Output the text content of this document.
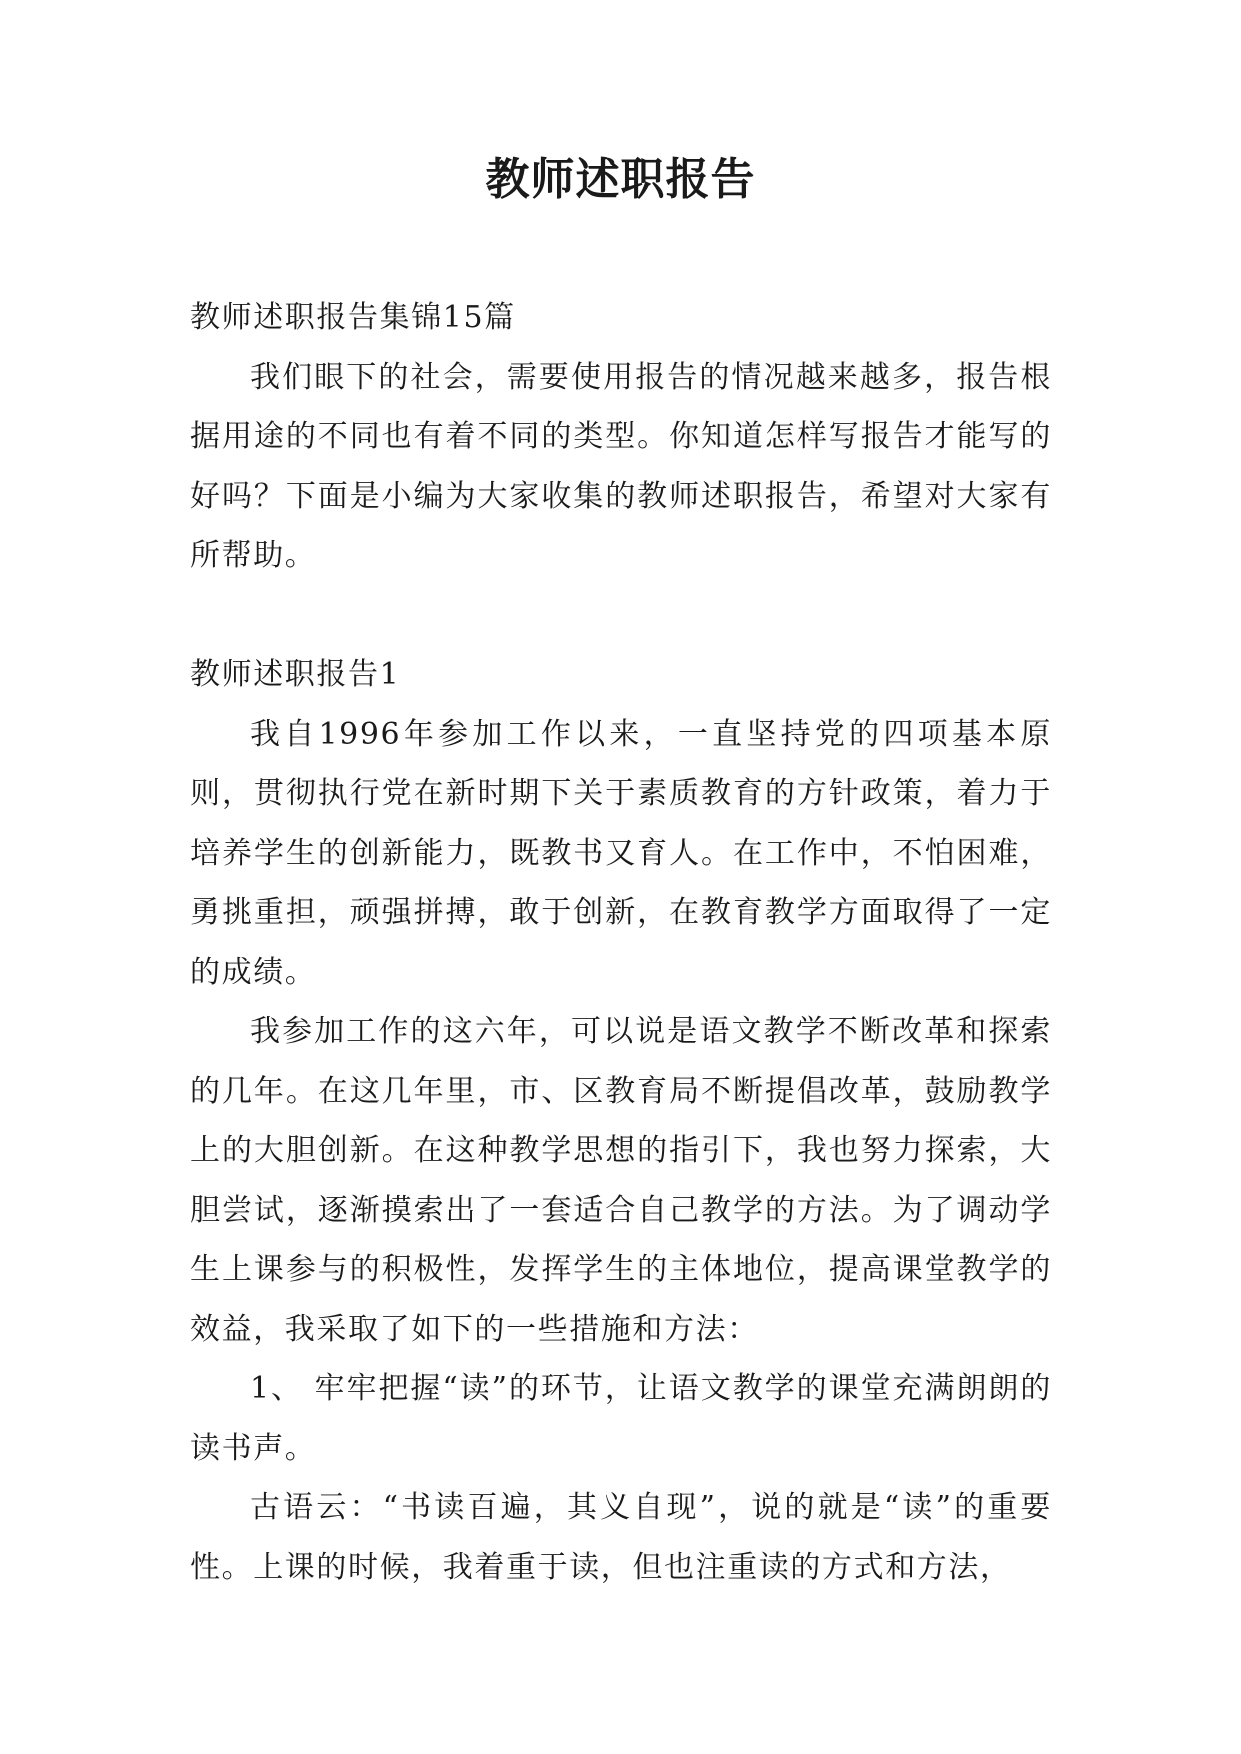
教师述职报告

教师述职报告集锦15篇

我们眼下的社会，需要使用报告的情况越来越多，报告根据用途的不同也有着不同的类型。你知道怎样写报告才能写的好吗？下面是小编为大家收集的教师述职报告，希望对大家有所帮助。

教师述职报告1

我自1996年参加工作以来，一直坚持党的四项基本原则，贯彻执行党在新时期下关于素质教育的方针政策，着力于培养学生的创新能力，既教书又育人。在工作中，不怕困难，勇挑重担，顽强拼搏，敢于创新，在教育教学方面取得了一定的成绩。

我参加工作的这六年，可以说是语文教学不断改革和探索的几年。在这几年里，市、区教育局不断提倡改革，鼓励教学上的大胆创新。在这种教学思想的指引下，我也努力探索，大胆尝试，逐渐摸索出了一套适合自己教学的方法。为了调动学生上课参与的积极性，发挥学生的主体地位，提高课堂教学的效益，我采取了如下的一些措施和方法：

1、 牢牢把握“读”的环节，让语文教学的课堂充满朗朗的读书声。

古语云：“书读百遍，其义自现”，说的就是“读”的重要性。上课的时候，我着重于读，但也注重读的方式和方法，
